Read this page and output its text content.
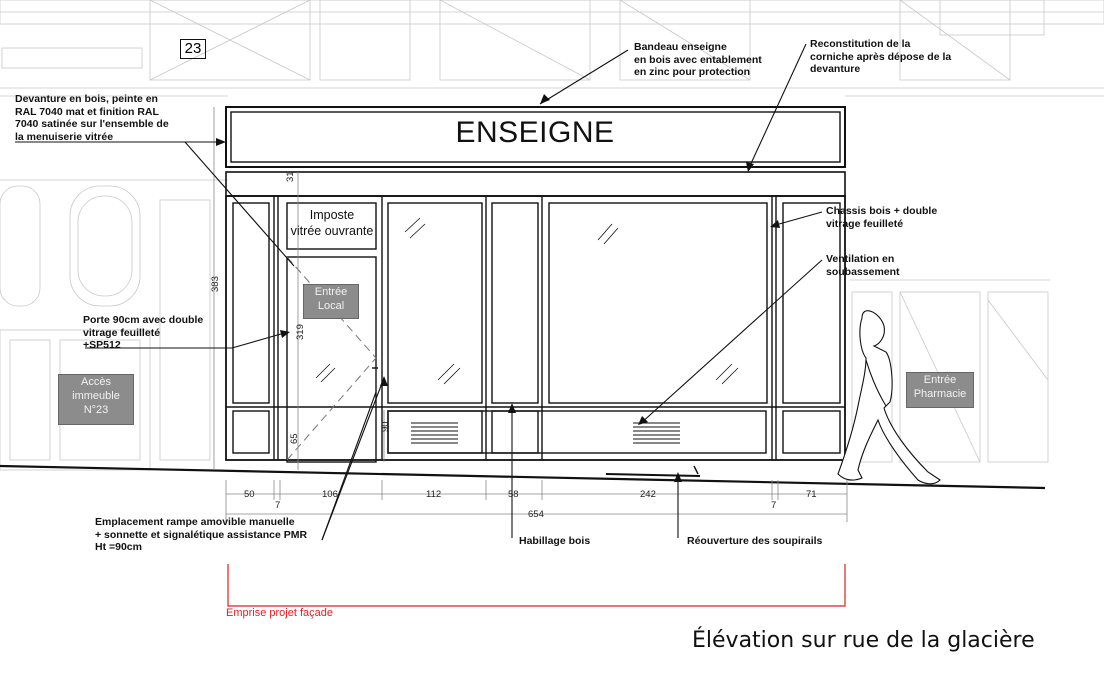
50
7
106	112	58	242
7
71
654
383
319
31
65
90
23
ENSEIGNE
Imposte
vitrée ouvrante
Entrée
Local
Accès
immeuble
N°23
Entrée
Pharmacie
Devanture en bois, peinte en
RAL 7040 mat et finition RAL
7040 satinée sur l'ensemble de
la menuiserie vitrée
Bandeau enseigne
en bois avec entablement
en zinc pour protection
Reconstitution de la
corniche après dépose de la
devanture
Chassis bois + double
vitrage feuilleté
Ventilation en
soubassement
Porte 90cm avec double
vitrage feuilleté
+SP512
Emplacement rampe amovible manuelle
+ sonnette et signalétique assistance PMR
Ht =90cm	Habillage bois	Réouverture des soupirails
Emprise projet façade
Élévation sur rue de la glacière
